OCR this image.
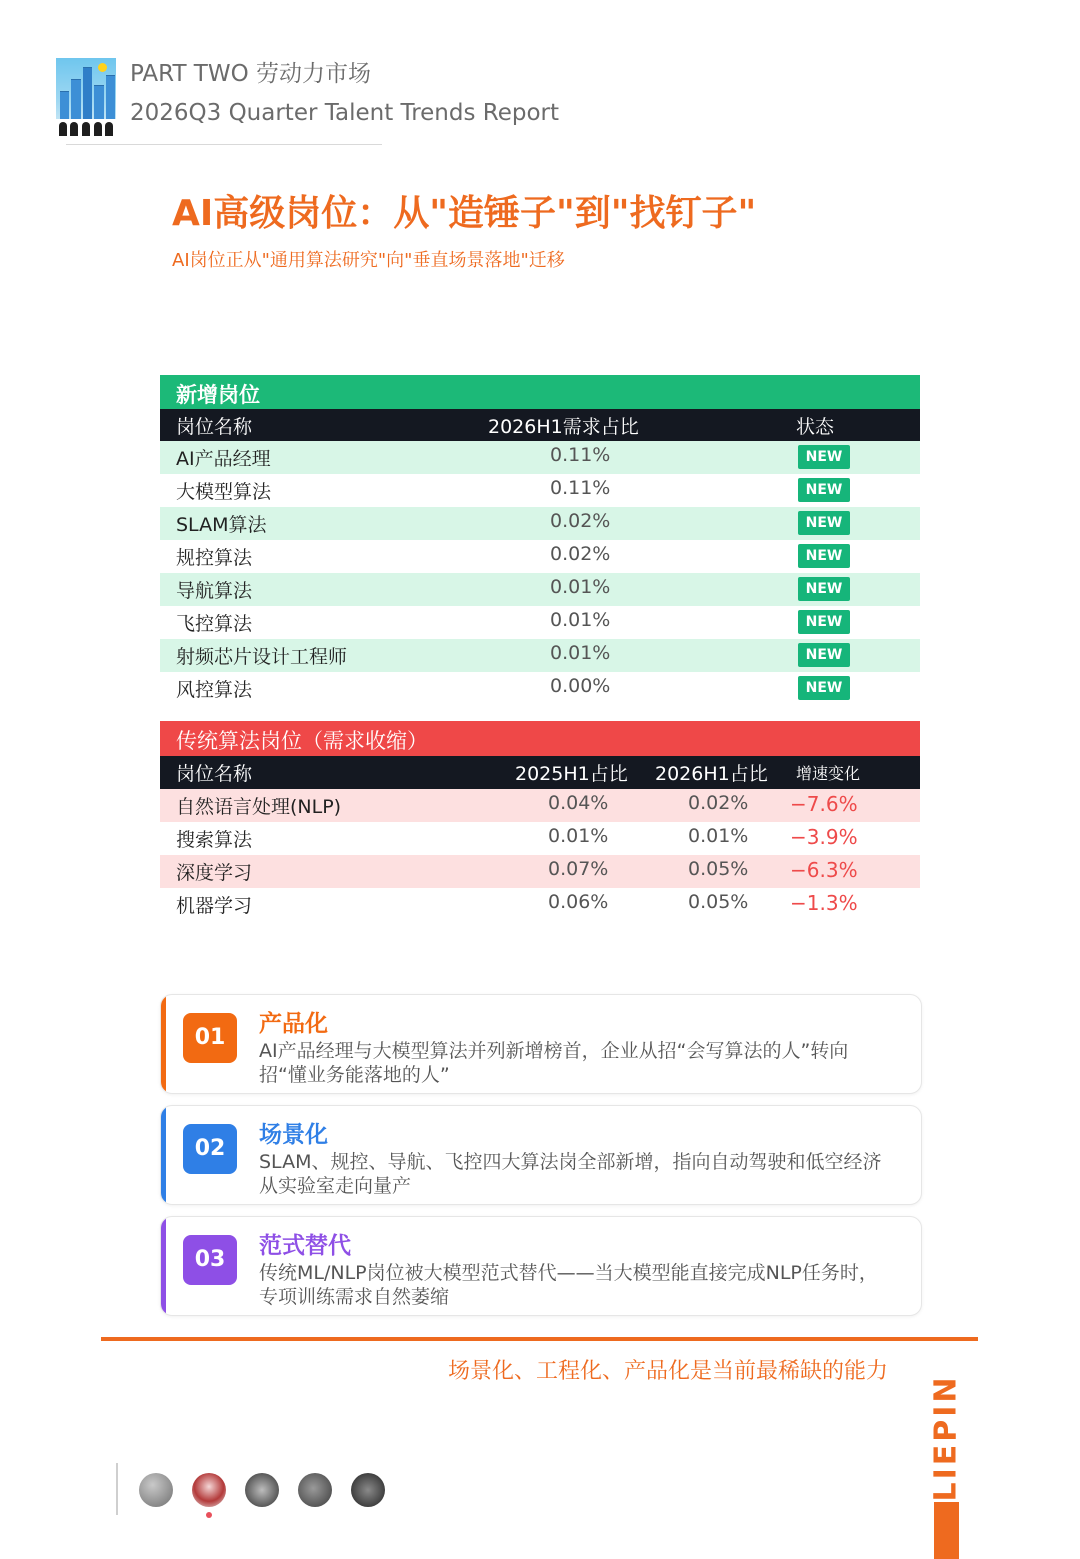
PART TWO 劳动力市场
2026Q3 Quarter Talent Trends Report
AI高级岗位：从"造锤子"到"找钉子"
AI岗位正从"通用算法研究"向"垂直场景落地"迁移
新增岗位
岗位名称	2026H1需求占比	状态
AI产品经理	0.11%	NEW
大模型算法	0.11%	NEW
SLAM算法	0.02%	NEW
规控算法	0.02%	NEW
导航算法	0.01%	NEW
飞控算法	0.01%	NEW
射频芯片设计工程师	0.01%	NEW
风控算法	0.00%	NEW
传统算法岗位（需求收缩）
岗位名称	2025H1占比 2026H1占比 增速变化
自然语言处理(NLP)	0.04%	0.02% −7.6%
搜索算法	0.01%	0.01% −3.9%
深度学习	0.07%	0.05% −6.3%
机器学习	0.06%	0.05% −1.3%
01
产品化
AI产品经理与大模型算法并列新增榜首，企业从招“会写算法的人”转向招“懂业务能落地的人”
02
场景化
SLAM、规控、导航、飞控四大算法岗全部新增，指向自动驾驶和低空经济从实验室走向量产
03
范式替代
传统ML/NLP岗位被大模型范式替代——当大模型能直接完成NLP任务时，专项训练需求自然萎缩
场景化、工程化、产品化是当前最稀缺的能力
LIEPIN
